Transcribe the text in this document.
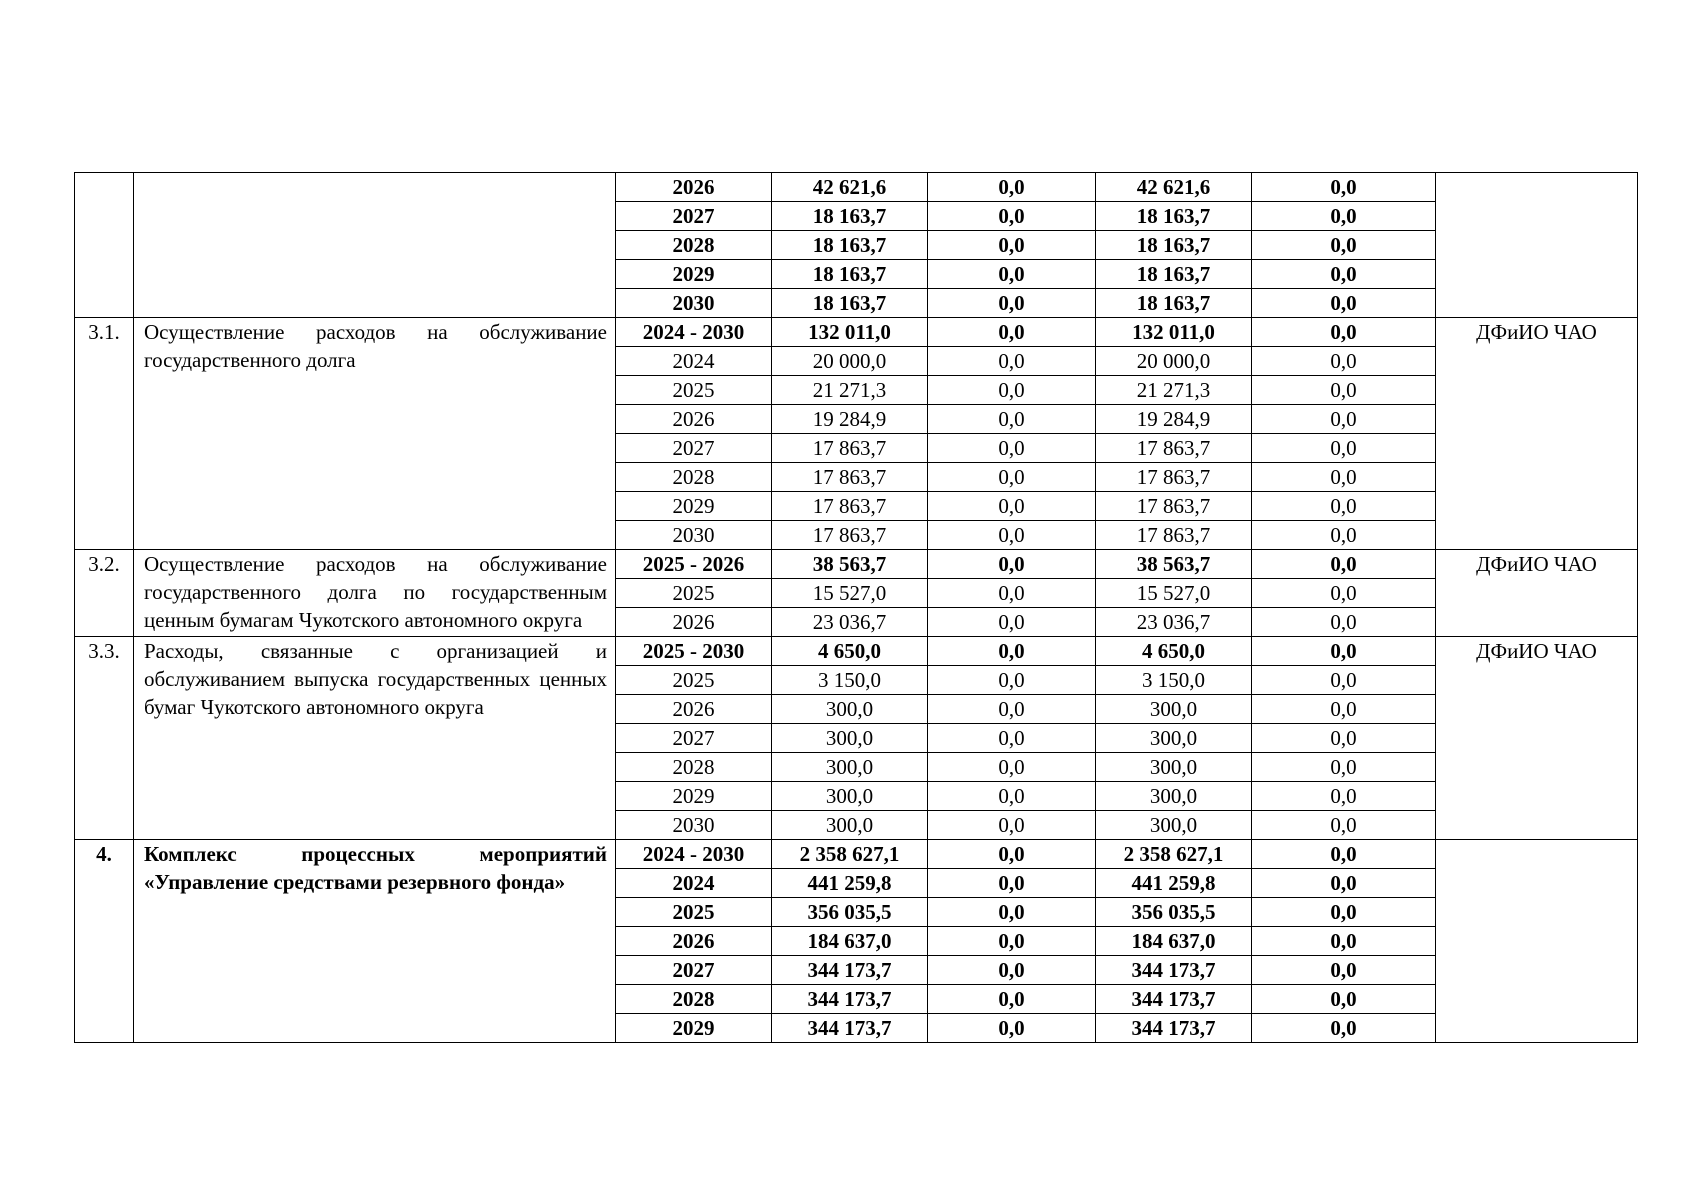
		2026	42 621,6	0,0	42 621,6	0,0	
		2027	18 163,7	0,0	18 163,7	0,0	
		2028	18 163,7	0,0	18 163,7	0,0	
		2029	18 163,7	0,0	18 163,7	0,0	
		2030	18 163,7	0,0	18 163,7	0,0	
3.1.	Осуществление расходов на обслуживание государственного долга	2024 - 2030	132 011,0	0,0	132 011,0	0,0	ДФиИО ЧАО
		2024	20 000,0	0,0	20 000,0	0,0	
		2025	21 271,3	0,0	21 271,3	0,0	
		2026	19 284,9	0,0	19 284,9	0,0	
		2027	17 863,7	0,0	17 863,7	0,0	
		2028	17 863,7	0,0	17 863,7	0,0	
		2029	17 863,7	0,0	17 863,7	0,0	
		2030	17 863,7	0,0	17 863,7	0,0	
3.2.	Осуществление расходов на обслуживание государственного долга по государственным ценным бумагам Чукотского автономного округа	2025 - 2026	38 563,7	0,0	38 563,7	0,0	ДФиИО ЧАО
		2025	15 527,0	0,0	15 527,0	0,0	
		2026	23 036,7	0,0	23 036,7	0,0	
3.3.	Расходы, связанные с организацией и обслуживанием выпуска государственных ценных бумаг Чукотского автономного округа	2025 - 2030	4 650,0	0,0	4 650,0	0,0	ДФиИО ЧАО
		2025	3 150,0	0,0	3 150,0	0,0	
		2026	300,0	0,0	300,0	0,0	
		2027	300,0	0,0	300,0	0,0	
		2028	300,0	0,0	300,0	0,0	
		2029	300,0	0,0	300,0	0,0	
		2030	300,0	0,0	300,0	0,0	
4.	Комплекс процессных мероприятий «Управление средствами резервного фонда»	2024 - 2030	2 358 627,1	0,0	2 358 627,1	0,0	
		2024	441 259,8	0,0	441 259,8	0,0	
		2025	356 035,5	0,0	356 035,5	0,0	
		2026	184 637,0	0,0	184 637,0	0,0	
		2027	344 173,7	0,0	344 173,7	0,0	
		2028	344 173,7	0,0	344 173,7	0,0	
		2029	344 173,7	0,0	344 173,7	0,0	
